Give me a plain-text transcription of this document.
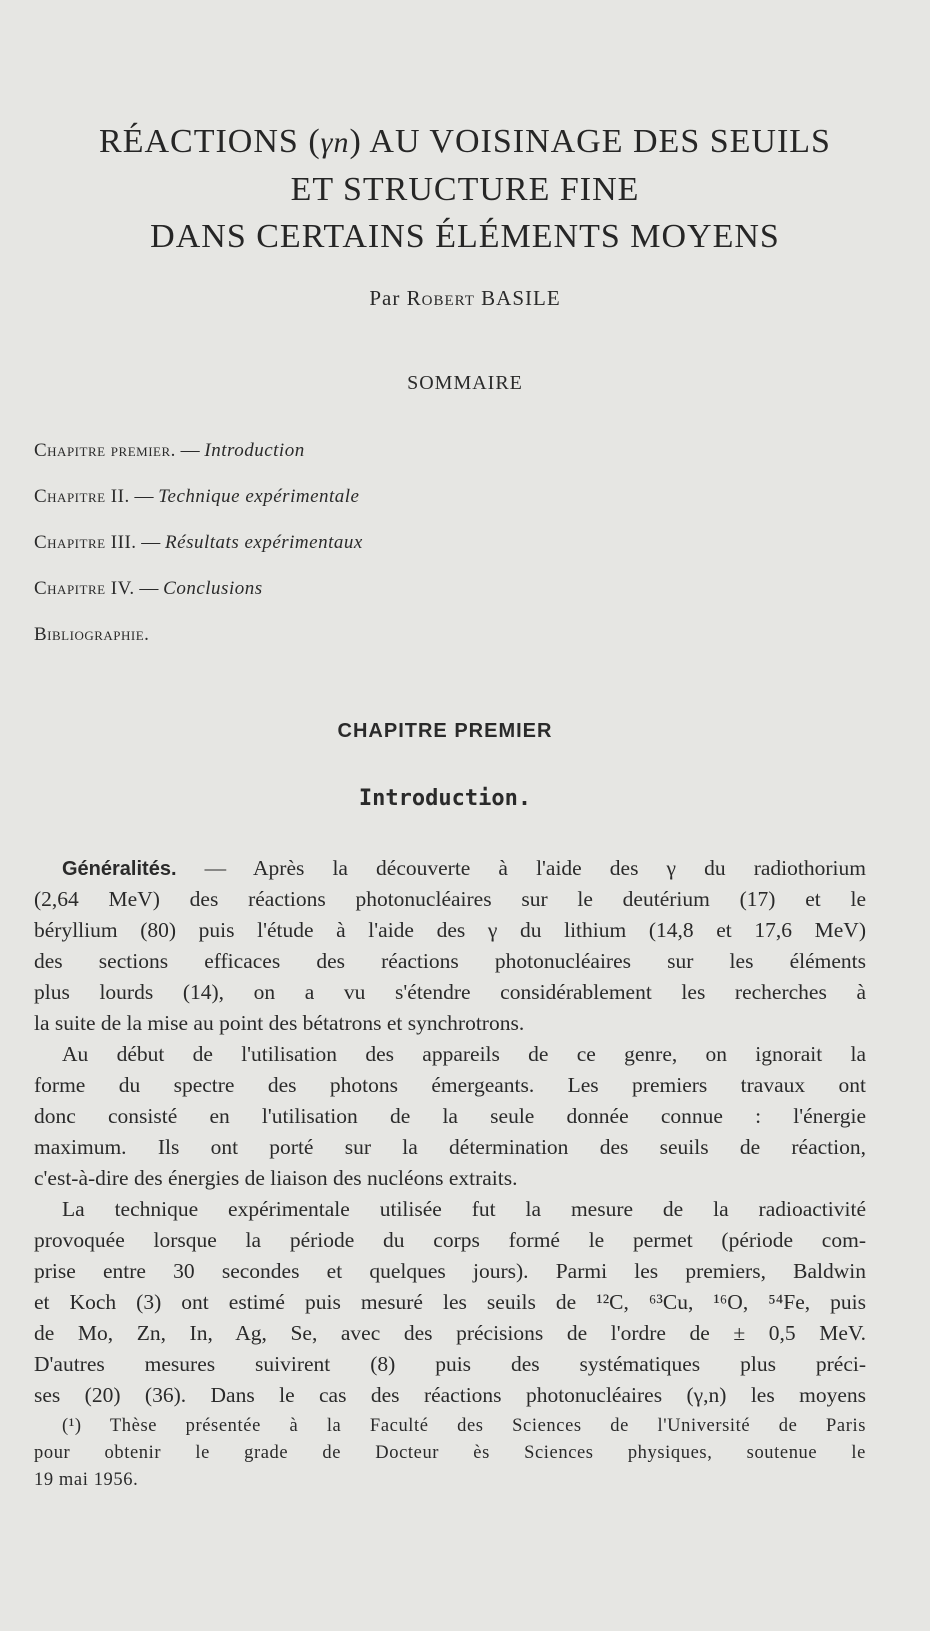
RÉACTIONS (γn) AU VOISINAGE DES SEUILS
ET STRUCTURE FINE
DANS CERTAINS ÉLÉMENTS MOYENS
Par Robert BASILE
SOMMAIRE
Chapitre premier. — Introduction
Chapitre II. — Technique expérimentale
Chapitre III. — Résultats expérimentaux
Chapitre IV. — Conclusions
Bibliographie.
CHAPITRE PREMIER
Introduction.
Généralités. — Après la découverte à l'aide des γ du radiothorium
(2,64 MeV) des réactions photonucléaires sur le deutérium (17) et le
béryllium (80) puis l'étude à l'aide des γ du lithium (14,8 et 17,6 MeV)
des sections efficaces des réactions photonucléaires sur les éléments
plus lourds (14), on a vu s'étendre considérablement les recherches à
la suite de la mise au point des bétatrons et synchrotrons.
Au début de l'utilisation des appareils de ce genre, on ignorait la
forme du spectre des photons émergeants. Les premiers travaux ont
donc consisté en l'utilisation de la seule donnée connue : l'énergie
maximum. Ils ont porté sur la détermination des seuils de réaction,
c'est-à-dire des énergies de liaison des nucléons extraits.
La technique expérimentale utilisée fut la mesure de la radioactivité
provoquée lorsque la période du corps formé le permet (période com-
prise entre 30 secondes et quelques jours). Parmi les premiers, Baldwin
et Koch (3) ont estimé puis mesuré les seuils de ¹²C, ⁶³Cu, ¹⁶O, ⁵⁴Fe, puis
de Mo, Zn, In, Ag, Se, avec des précisions de l'ordre de ± 0,5 MeV.
D'autres mesures suivirent (8) puis des systématiques plus préci-
ses (20) (36). Dans le cas des réactions photonucléaires (γ,n) les moyens
(¹) Thèse présentée à la Faculté des Sciences de l'Université de Paris
pour obtenir le grade de Docteur ès Sciences physiques, soutenue le
19 mai 1956.
